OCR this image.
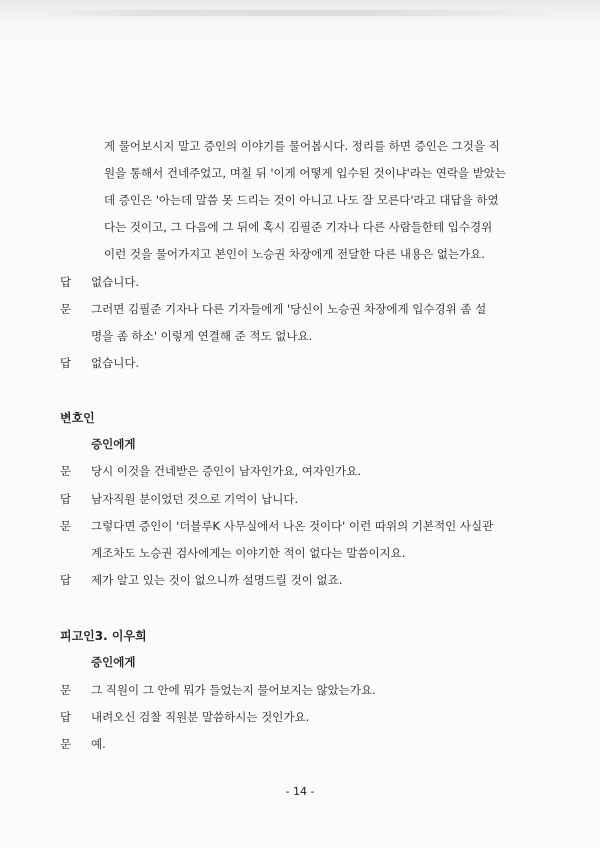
게 물어보시지 말고 증인의 이야기를 물어봅시다. 정리를 하면 증인은 그것을 직
원을 통해서 건네주었고, 며칠 뒤 '이게 어떻게 입수된 것이냐'라는 연락을 받았는
데 증인은 '아는데 말씀 못 드리는 것이 아니고 나도 잘 모른다'라고 대답을 하였
다는 것이고, 그 다음에 그 뒤에 혹시 김필준 기자나 다른 사람들한테 입수경위
이런 것을 물어가지고 본인이 노승권 차장에게 전달한 다른 내용은 없는가요.
답	없습니다.
문	그러면 김필준 기자나 다른 기자들에게 '당신이 노승권 차장에게 입수경위 좀 설
명을 좀 하소' 이렇게 연결해 준 적도 없나요.
답	없습니다.
변호인
증인에게
문	당시 이것을 건네받은 증인이 남자인가요, 여자인가요.
답	남자직원 분이었던 것으로 기억이 납니다.
문	그렇다면 증인이 '더블루K 사무실에서 나온 것이다' 이런 따위의 기본적인 사실관
계조차도 노승권 검사에게는 이야기한 적이 없다는 말씀이지요.
답	제가 알고 있는 것이 없으니까 설명드릴 것이 없죠.
피고인3. 이우희
증인에게
문	그 직원이 그 안에 뭐가 들었는지 물어보지는 않았는가요.
답	내려오신 검찰 직원분 말씀하시는 것인가요.
문	예.
- 14 -
